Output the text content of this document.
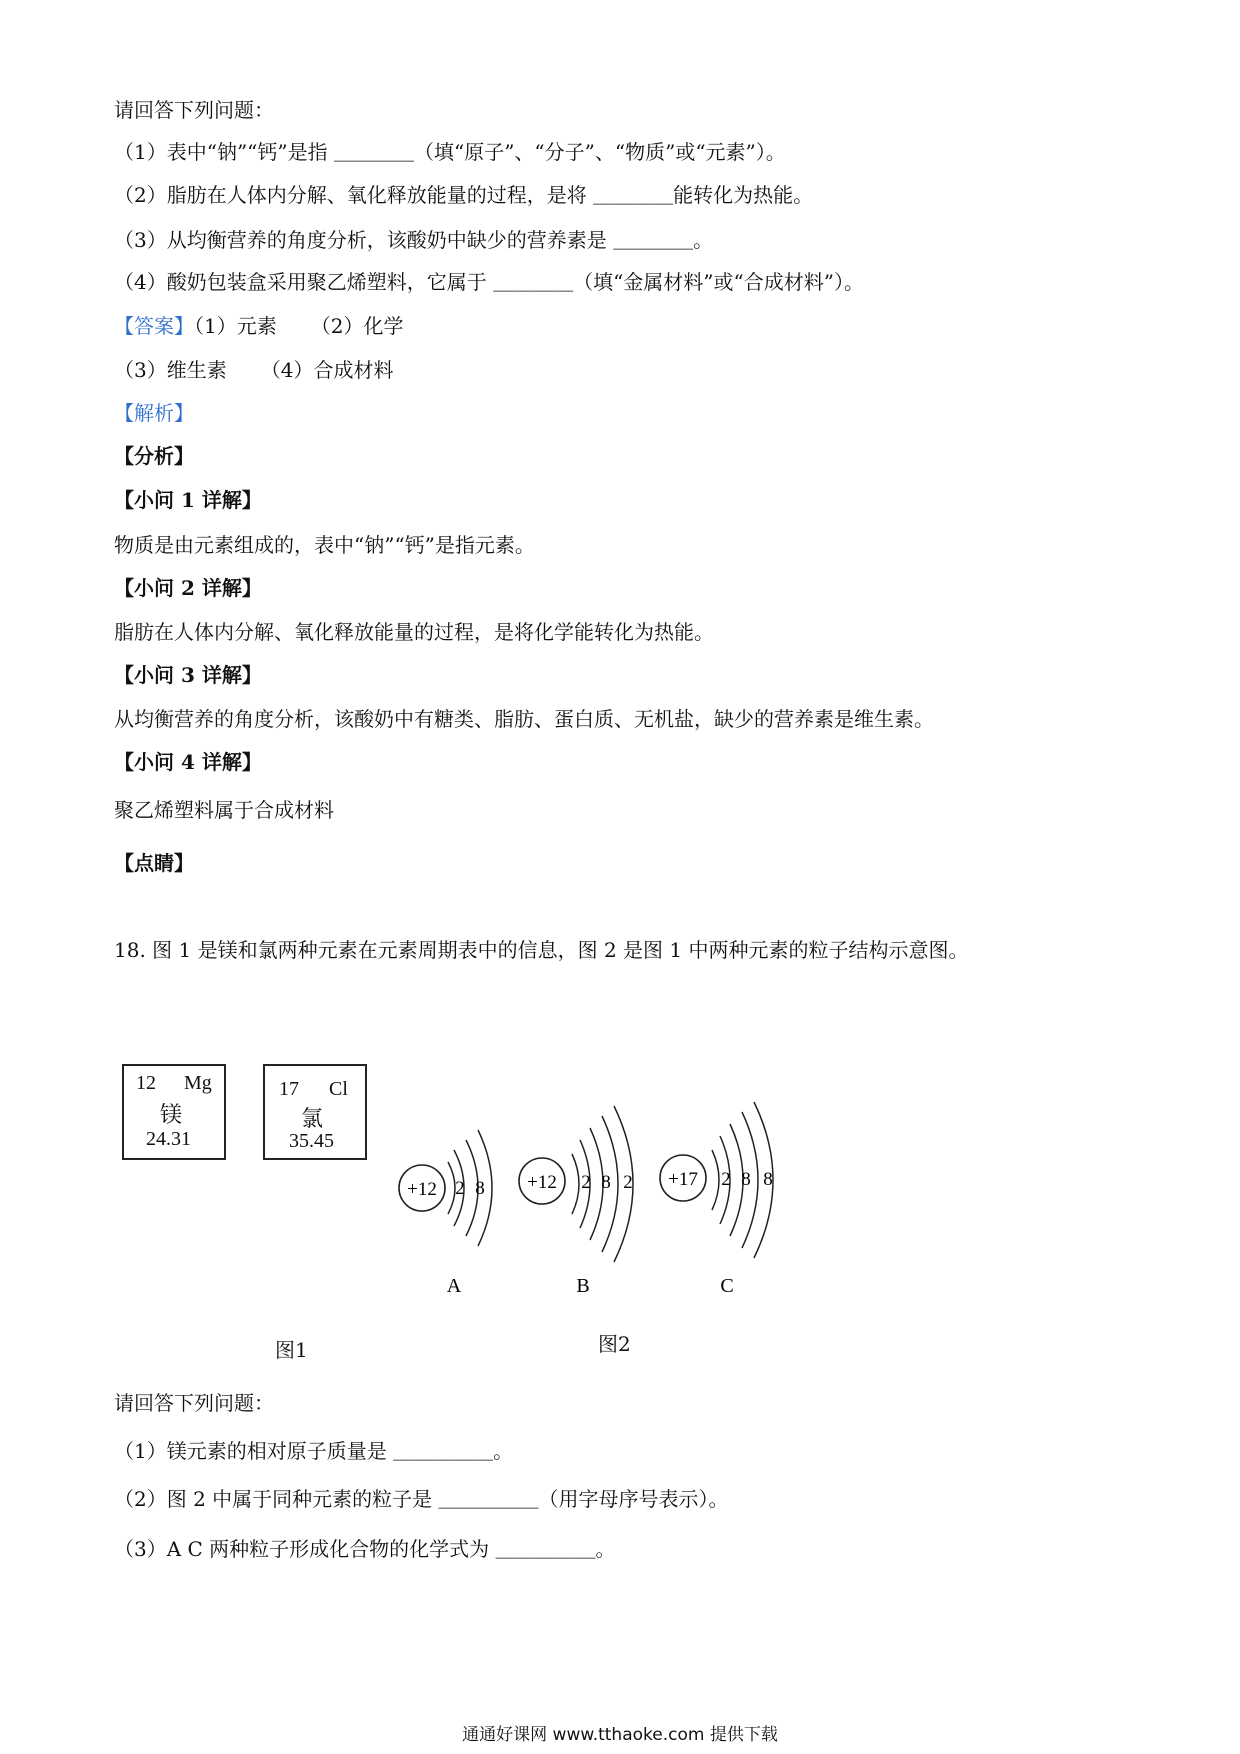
请回答下列问题：
（1）表中“钠”“钙”是指 ＿＿＿＿（填“原子”、“分子”、“物质”或“元素”）。
（2）脂肪在人体内分解、氧化释放能量的过程，是将 ＿＿＿＿能转化为热能。
（3）从均衡营养的角度分析，该酸奶中缺少的营养素是 ＿＿＿＿。
（4）酸奶包装盒采用聚乙烯塑料，它属于 ＿＿＿＿（填“金属材料”或“合成材料”）。
【答案】（1）元素 （2）化学
（3）维生素 （4）合成材料
【解析】
【分析】
【小问 1 详解】
物质是由元素组成的，表中“钠”“钙”是指元素。
【小问 2 详解】
脂肪在人体内分解、氧化释放能量的过程，是将化学能转化为热能。
【小问 3 详解】
从均衡营养的角度分析，该酸奶中有糖类、脂肪、蛋白质、无机盐，缺少的营养素是维生素。
【小问 4 详解】
聚乙烯塑料属于合成材料
【点睛】
18. 图 1 是镁和氯两种元素在元素周期表中的信息，图 2 是图 1 中两种元素的粒子结构示意图。
12 Mg
镁
24.31
17 Cl
氯
35.45
图1
+12 2 8
A
+12 2 8 2
B
+17 2 8 8
C
图2
请回答下列问题：
（1）镁元素的相对原子质量是 ＿＿＿＿＿。
（2）图 2 中属于同种元素的粒子是 ＿＿＿＿＿（用字母序号表示）。
（3）A C 两种粒子形成化合物的化学式为 ＿＿＿＿＿。
通通好课网 www.tthaoke.com 提供下载
